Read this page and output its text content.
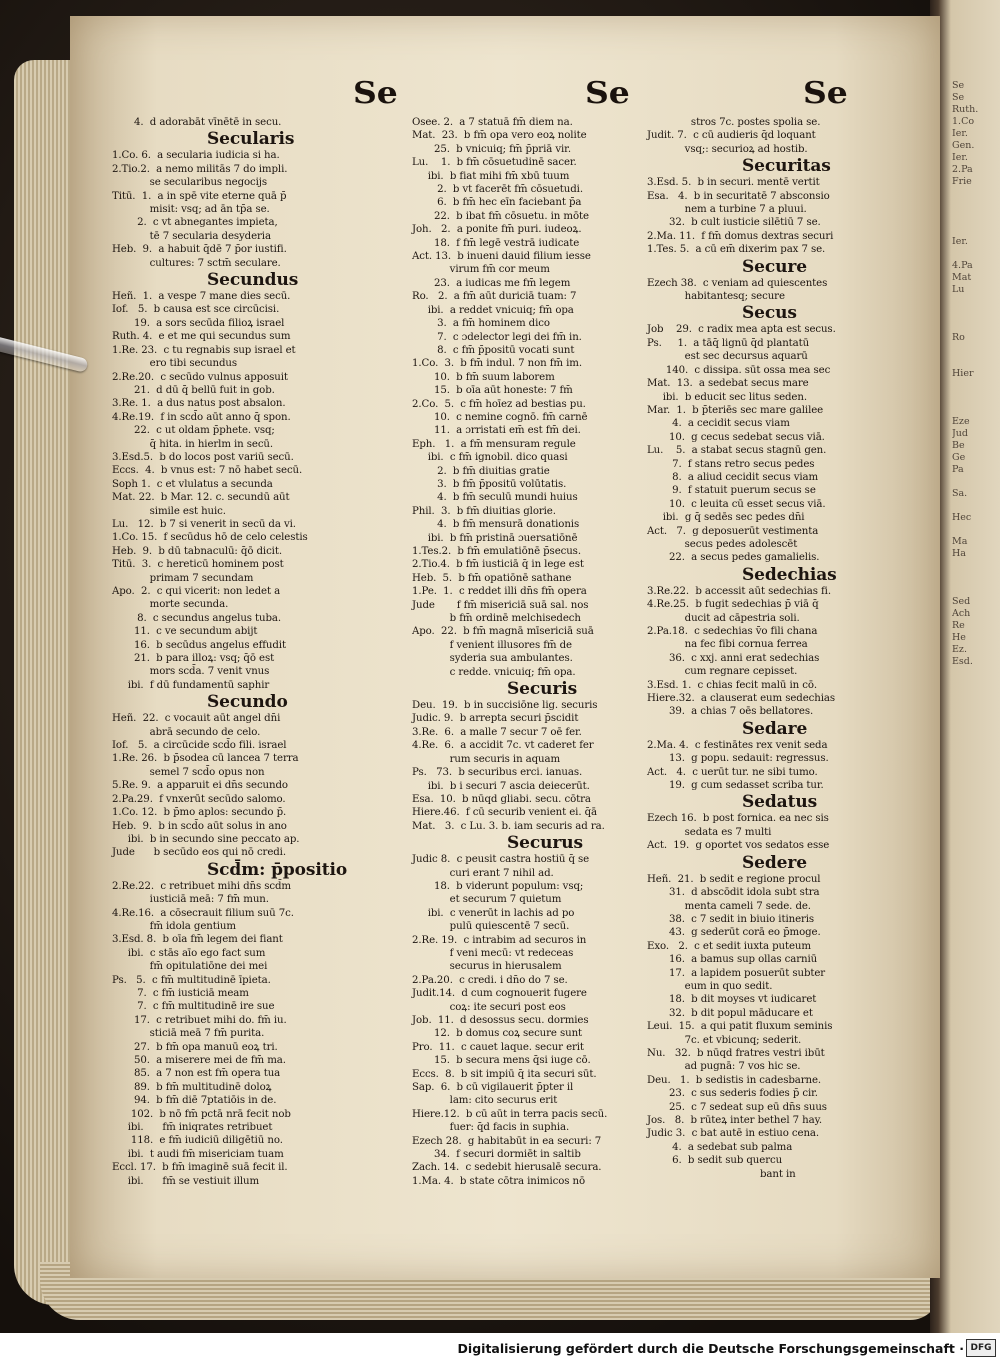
Se
Se
Ruth.
1.Co
Ier.
Gen.
Ier.
2.Pa
Frie

Ier.

4.Pa
Mat
Lu

Ro

Hier

Eze
Jud
Be
Ge
Pa

Sa.

Hec

Ma
Ha

Sed
Ach
Re
He
Ez.
Esd.

Se	Se	Se
4.  d adorabāt vīnētē in secu.
Secularis
1.Co. 6.  a secularia iudicia si ha.
2.Tio.2.  a nemo militās 7 do impli.
se secularibus negocijs
Titū.  1.  a in spē vite eterne quā p̄
misit: vsq; ad ān tp̄a se.
2.  c vt abnegantes impieta,
tē 7 secularia desyderia
Heb.  9.  a habuit q̄dē 7 p̄or iustifi.
cultures: 7 sctm̄ seculare.
Secundus
Heñ.  1.  a vespe 7 mane dies secū.
Iof.   5.  b causa est sce circūcisi.
19.  a sors secūda filioꝝ israel
Ruth. 4.  e et me qui secundus sum
1.Re. 23.  c tu regnabis sup israel et
ero tibi secundus
2.Re.20.  c secūdo vulnus apposuit
21.  d dū q̄ bellū fuit in gob.
3.Re. 1.  a dus natus post absalon.
4.Re.19.  f in scd̄o aūt anno q̄ spon.
22.  c ut oldam p̄phete. vsq;
q̄ hita. in hierlm in secū.
3.Esd.5.  b do locos post variū secū.
Eccs.  4.  b vnus est: 7 nō habet secū.
Soph 1.  c et vlulatus a secunda
Mat. 22.  b Mar. 12. c. secundū aūt
simile est huic.
Lu.   12.  b 7 si venerit in secū da vi.
1.Co. 15.  f secūdus hō de celo celestis
Heb.  9.  b dū tabnaculū: q̄ō dicit.
Titū.  3.  c hereticū hominem post
primam 7 secundam
Apo.  2.  c qui vicerit: non ledet a
morte secunda.
8.  c secundus angelus tuba.
11.  c ve secundum abijt
16.  b secūdus angelus effudit
21.  b para illoꝝ: vsq; q̄ō est
mors scd̄a. 7 venit vnus
ibi.  f dū fundamentū saphir
Secundo
Heñ.  22.  c vocauit aūt angel dn̄i
abrā secundo de celo.
Iof.   5.  a circūcide scd̄o fili. israel
1.Re. 26.  b p̄sodea cū lancea 7 terra
semel 7 scd̄o opus non
5.Re. 9.  a apparuit ei dn̄s secundo
2.Pa.29.  f vnxerūt secūdo salomo.
1.Co. 12.  b p̄mo aplos: secundo p̄.
Heb.  9.  b in scd̄o aūt solus in ano
ibi.  b in secundo sine peccato ap.
Jude      b secūdo eos qui nō credi.
Scd̄m: p̄positio
2.Re.22.  c retribuet mihi dn̄s scd̄m
iusticiā meā: 7 fm̄ mun.
4.Re.16.  a cōsecrauit filium suū 7c.
fm̄ idola gentium
3.Esd. 8.  b oīa fm̄ legem dei fiant
ibi.  c stās aīo ego fact sum
fm̄ opitulatiōne dei mei
Ps.   5.  c fm̄ multitudinē īpieta.
7.  c fm̄ iusticiā meam
7.  c fm̄ multitudinē ire sue
17.  c retribuet mihi do. fm̄ iu.
sticiā meā 7 fm̄ purita.
27.  b fm̄ opa manuū eoꝝ tri.
50.  a miserere mei de fm̄ ma.
85.  a 7 non est fm̄ opera tua
89.  b fm̄ multitudinē doloꝝ
94.  b fm̄ diē 7ptatiōis in de.
102.  b nō fm̄ pctā nrā fecit nob
ibi.      fm̄ iniqrates retribuet
118.  e fm̄ iudiciū diligētiū no.
ibi.  t audi fm̄ misericiam tuam
Eccl. 17.  b fm̄ imaginē suā fecit il.
ibi.      fm̄ se vestiuit illum
Osee. 2.  a 7 statuā fm̄ diem na.
Mat.  23.  b fm̄ opa vero eoꝝ nolite
25.  b vnicuiq; fm̄ p̄priā vir.
Lu.    1.  b fm̄ cōsuetudinē sacer.
ibi.  b fiat mihi fm̄ xbū tuum
2.  b vt facerēt fm̄ cōsuetudi.
6.  b fm̄ hec eīn faciebant p̄a
22.  b ibat fm̄ cōsuetu. in mōte
Joh.   2.  a ponite fm̄ puri. iudeoꝝ.
18.  f fm̄ legē vestrā iudicate
Act. 13.  b inueni dauid filium iesse
virum fm̄ cor meum
23.  a iudicas me fm̄ legem
Ro.   2.  a fm̄ aūt duriciā tuam: 7
ibi.  a reddet vnicuiq; fm̄ opa
3.  a fm̄ hominem dico
7.  c ɔdelector legi dei fm̄ in.
8.  c fm̄ p̄positū vocati sunt
1.Co.  3.  b fm̄ indul. 7 non fm̄ im.
10.  b fm̄ suum laborem
15.  b oīa aūt honeste: 7 fm̄
2.Co.  5.  c fm̄ hoīez ad bestias pu.
10.  c nemine cognō. fm̄ carnē
11.  a ɔrristati em̄ est fm̄ dei.
Eph.   1.  a fm̄ mensuram regule
ibi.  c fm̄ ignobil. dico quasi
2.  b fm̄ diuitias gratie
3.  b fm̄ p̄positū volūtatis.
4.  b fm̄ seculū mundi huius
Phil.  3.  b fm̄ diuitias glorie.
4.  b fm̄ mensurā donationis
ibi.  b fm̄ pristinā ɔuersatiōnē
1.Tes.2.  b fm̄ emulatiōnē p̄secus.
2.Tio.4.  b fm̄ iusticiā q̄ in lege est
Heb.  5.  b fm̄ opatiōnē sathane
1.Pe.  1.  c reddet illi dn̄s fm̄ opera
Jude       f fm̄ misericiā suā sal. nos
b fm̄ ordinē melchisedech
Apo.  22.  b fm̄ magnā mīsericiā suā
f venient illusores fm̄ de
syderia sua ambulantes.
c redde. vnicuiq; fm̄ opa.
Securis
Deu.  19.  b in succisiōne lig. securis
Judic. 9.  b arrepta securi p̄scidit
3.Re.  6.  a malle 7 secur 7 oē fer.
4.Re.  6.  a accidit 7c. vt caderet fer
rum securis in aquam
Ps.   73.  b securibus erci. ianuas.
ibi.  b i securi 7 ascia deiecerūt.
Esa.  10.  b nūqd gliabi. secu. cōtra
Hiere.46.  f cū securib venient ei. q̄ā
Mat.   3.  c Lu. 3. b. iam securis ad ra.
Securus
Judic 8.  c peusit castra hostiū q̄ se
curi erant 7 nihil ad.
18.  b viderunt populum: vsq;
et securum 7 quietum
ibi.  c venerūt in lachis ad po
pulū quiescentē 7 secū.
2.Re. 19.  c intrabim ad securos in
f veni mecū: vt redeceas
securus in hierusalem
2.Pa.20.  c credi. i dn̄o do 7 se.
Judit.14.  d cum cognouerit fugere
coꝝ: ite securi post eos
Job.  11.  d desossus secu. dormies
12.  b domus coꝝ secure sunt
Pro.  11.  c cauet laque. secur erit
15.  b secura mens q̄si iuge cō.
Eccs.  8.  b sit impiū q̄ ita securi sūt.
Sap.  6.  b cū vigilauerit p̄pter il
lam: cito securus erit
Hiere.12.  b cū aūt in terra pacis secū.
fuer: q̄d facis in suphia.
Ezech 28.  g habitabūt in ea securi: 7
34.  f securi dormiēt in saltib
Zach. 14.  c sedebit hierusalē secura.
1.Ma. 4.  b state cōtra inimicos nō
stros 7c. postes spolia se.
Judit. 7.  c cū audieris q̄d loquant
vsq;: securioꝝ ad hostib.
Securitas
3.Esd. 5.  b in securi. mentē vertit
Esa.   4.  b in securitatē 7 absconsio
nem a turbine 7 a pluui.
32.  b cult iusticie silētiū 7 se.
2.Ma. 11.  f fm̄ domus dextras securi
1.Tes. 5.  a cū em̄ dixerim pax 7 se.
Secure
Ezech 38.  c veniam ad quiescentes
habitantesq; secure
Secus
Job    29.  c radix mea apta est secus.
Ps.     1.  a tāq̄ lignū q̄d plantatū
est sec decursus aquarū
140.  c dissipa. sūt ossa mea sec
Mat.  13.  a sedebat secus mare
ibi.  b educit sec litus seden.
Mar.  1.  b p̄teriēs sec mare galilee
4.  a cecidit secus viam
10.  g cecus sedebat secus viā.
Lu.    5.  a stabat secus stagnū gen.
7.  f stans retro secus pedes
8.  a aliud cecidit secus viam
9.  f statuit puerum secus se
10.  c leuita cū esset secus viā.
ibi.  g q̄ sedēs sec pedes dn̄i
Act.   7.  g deposuerūt vestimenta
secus pedes adolescēt
22.  a secus pedes gamalielis.
Sedechias
3.Re.22.  b accessit aūt sedechias fi.
4.Re.25.  b fugit sedechias p̄ viā q̄
ducit ad cāpestria soli.
2.Pa.18.  c sedechias v̄o fili chana
na fec fibi cornua ferrea
36.  c xxj. anni erat sedechias
cum regnare cepisset.
3.Esd. 1.  c chias fecit malū in cō.
Hiere.32.  a clauserat eum sedechias
39.  a chias 7 oēs bellatores.
Sedare
2.Ma. 4.  c festinātes rex venit seda
13.  g popu. sedauit: regressus.
Act.   4.  c uerūt tur. ne sibi tumo.
19.  g cum sedasset scriba tur.
Sedatus
Ezech 16.  b post fornica. ea nec sis
sedata es 7 multi
Act.  19.  g oportet vos sedatos esse
Sedere
Heñ.  21.  b sedit e regione procul
31.  d abscōdit idola subt stra
menta cameli 7 sede. de.
38.  c 7 sedit in biuio itineris
43.  g sederūt corā eo p̄moge.
Exo.   2.  c et sedit iuxta puteum
16.  a bamus sup ollas carniū
17.  a lapidem posuerūt subter
eum in quo sedit.
18.  b dit moyses vt iudicaret
32.  b dit popul māducare et
Leui.  15.  a qui patit fluxum seminis
7c. et vbicunq; sederit.
Nu.   32.  b nūqd fratres vestri ibūt
ad pugnā: 7 vos hic se.
Deu.   1.  b sedistis in cadesbarne.
23.  c sus sederis fodies p̄ cir.
25.  c 7 sedeat sup eū dn̄s suus
Jos.   8.  b rūteꝝ inter bethel 7 hay.
Judic 3.  c bat autē in estiuo cena.
4.  a sedebat sub palma
6.  b sedit sub quercu
bant in
Digitalisierung gefördert durch die Deutsche Forschungsgemeinschaft · DFG
